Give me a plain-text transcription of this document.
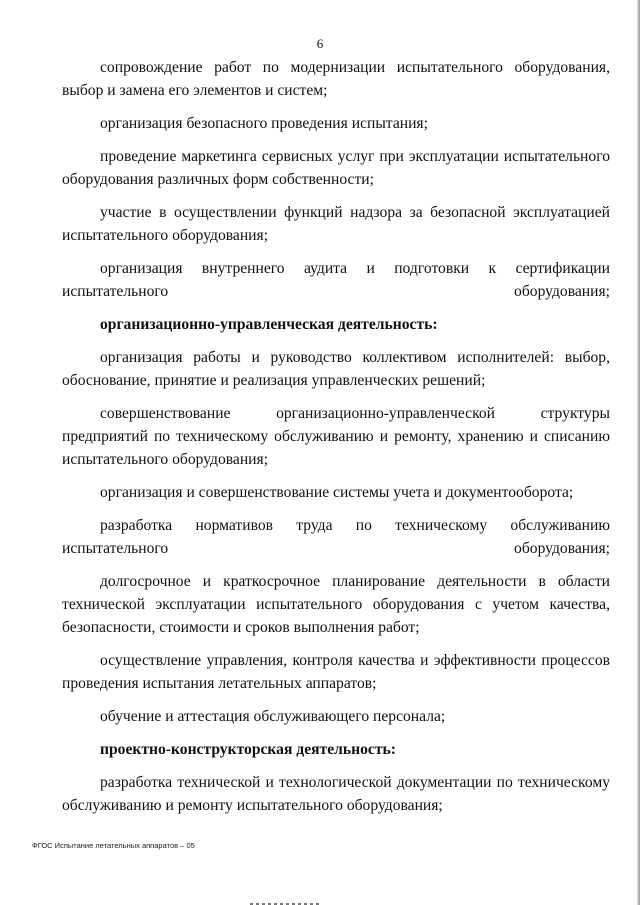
6

сопровождение работ по модернизации испытательного оборудования, выбор и замена его элементов и систем;

организация безопасного проведения испытания;

проведение маркетинга сервисных услуг при эксплуатации испытательного оборудования различных форм собственности;

участие в осуществлении функций надзора за безопасной эксплуатацией испытательного оборудования;

организация внутреннего аудита и подготовки к сертификации испытательного оборудования;

организационно-управленческая деятельность:

организация работы и руководство коллективом исполнителей: выбор, обоснование, принятие и реализация управленческих решений;

совершенствование организационно-управленческой структуры предприятий по техническому обслуживанию и ремонту, хранению и списанию испытательного оборудования;

организация и совершенствование системы учета и документооборота;

разработка нормативов труда по техническому обслуживанию испытательного оборудования;

долгосрочное и краткосрочное планирование деятельности в области технической эксплуатации испытательного оборудования с учетом качества, безопасности, стоимости и сроков выполнения работ;

осуществление управления, контроля качества и эффективности процессов проведения испытания летательных аппаратов;

обучение и аттестация обслуживающего персонала;

проектно-конструкторская деятельность:

разработка технической и технологической документации по техническому обслуживанию и ремонту испытательного оборудования;

ФГОС Испытание летательных аппаратов – 05
